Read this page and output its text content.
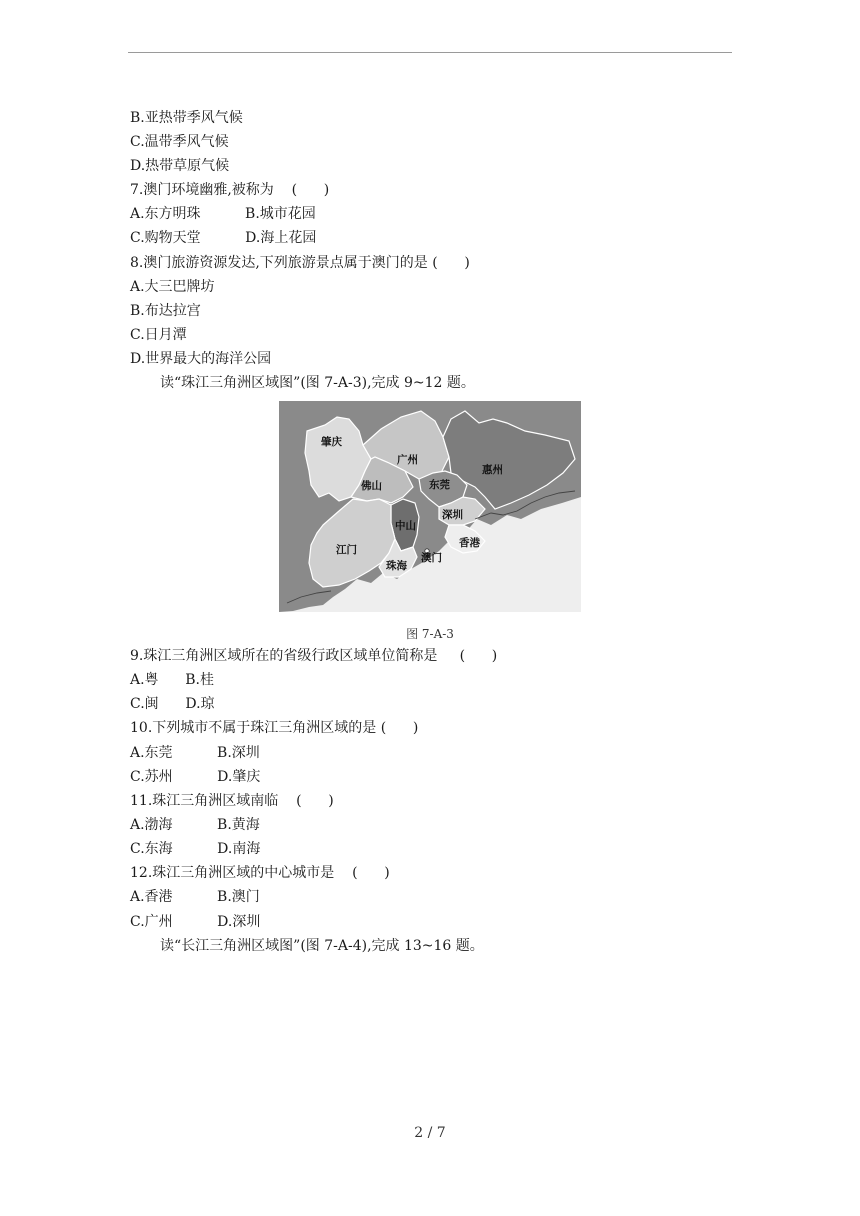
B.亚热带季风气候
C.温带季风气候
D.热带草原气候
7.澳门环境幽雅,被称为    (      )
A.东方明珠          B.城市花园
C.购物天堂          D.海上花园
8.澳门旅游资源发达,下列旅游景点属于澳门的是 (      )
A.大三巴牌坊
B.布达拉宫
C.日月潭
D.世界最大的海洋公园
读“珠江三角洲区域图”(图 7-A-3),完成 9~12 题。
肇庆
广州
惠州
佛山	东莞
深圳
中山
香港
江门
澳门
珠海
图 7-A-3
9.珠江三角洲区域所在的省级行政区域单位简称是     (      )
A.粤      B.桂
C.闽      D.琼
10.下列城市不属于珠江三角洲区域的是 (      )
A.东莞          B.深圳
C.苏州          D.肇庆
11.珠江三角洲区域南临    (      )
A.渤海          B.黄海
C.东海          D.南海
12.珠江三角洲区域的中心城市是    (      )
A.香港          B.澳门
C.广州          D.深圳
读“长江三角洲区域图”(图 7-A-4),完成 13~16 题。
2 / 7
